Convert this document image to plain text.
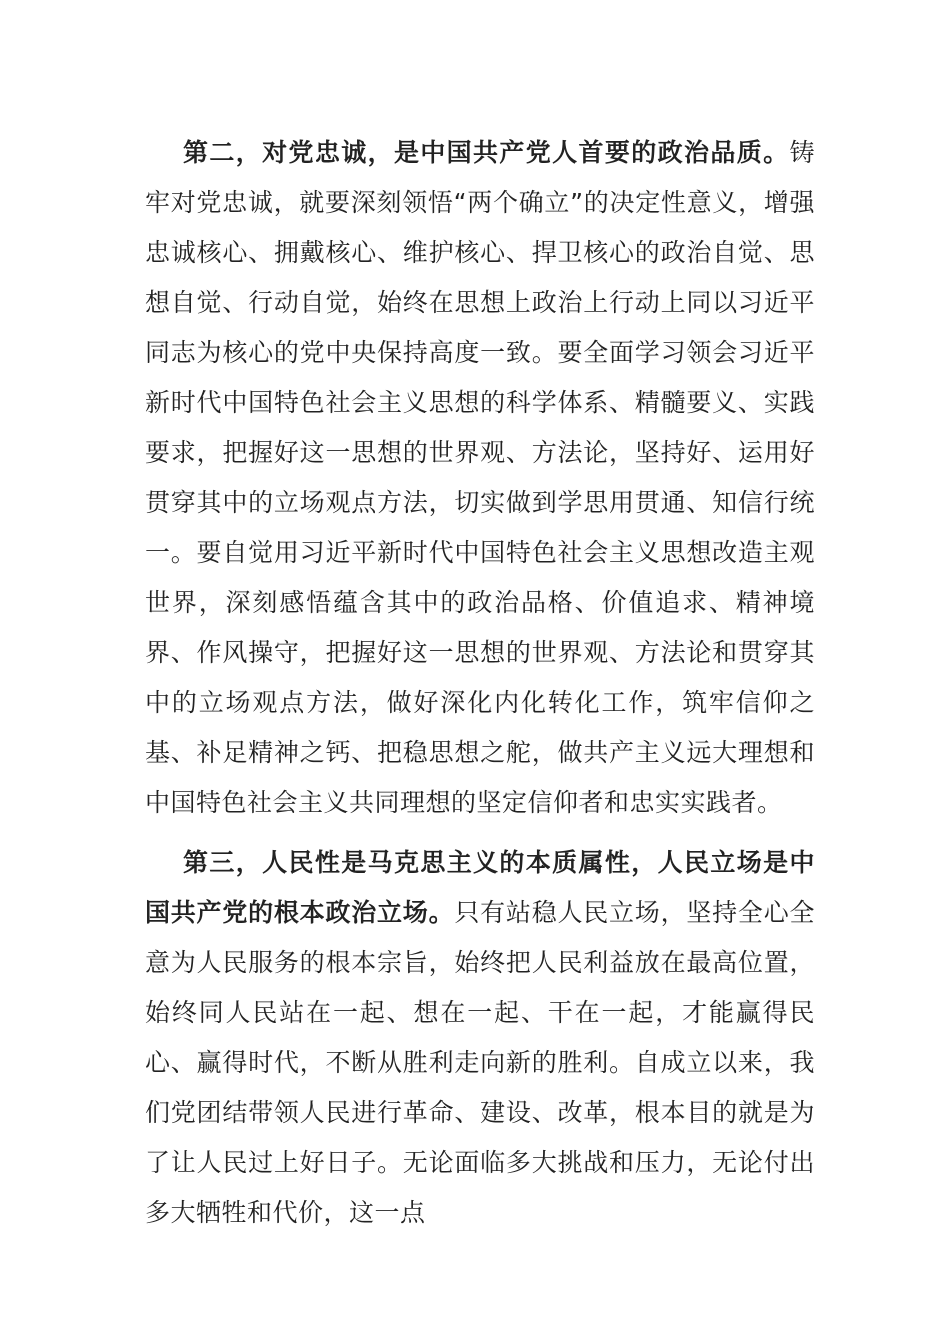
第二，对党忠诚，是中国共产党人首要的政治品质。铸牢对党忠诚，就要深刻领悟“两个确立”的决定性意义，增强忠诚核心、拥戴核心、维护核心、捍卫核心的政治自觉、思想自觉、行动自觉，始终在思想上政治上行动上同以习近平同志为核心的党中央保持高度一致。要全面学习领会习近平新时代中国特色社会主义思想的科学体系、精髓要义、实践要求，把握好这一思想的世界观、方法论，坚持好、运用好贯穿其中的立场观点方法，切实做到学思用贯通、知信行统一。要自觉用习近平新时代中国特色社会主义思想改造主观世界，深刻感悟蕴含其中的政治品格、价值追求、精神境界、作风操守，把握好这一思想的世界观、方法论和贯穿其中的立场观点方法，做好深化内化转化工作，筑牢信仰之基、补足精神之钙、把稳思想之舵，做共产主义远大理想和中国特色社会主义共同理想的坚定信仰者和忠实实践者。

第三，人民性是马克思主义的本质属性，人民立场是中国共产党的根本政治立场。只有站稳人民立场，坚持全心全意为人民服务的根本宗旨，始终把人民利益放在最高位置，始终同人民站在一起、想在一起、干在一起，才能赢得民心、赢得时代，不断从胜利走向新的胜利。自成立以来，我们党团结带领人民进行革命、建设、改革，根本目的就是为了让人民过上好日子。无论面临多大挑战和压力，无论付出多大牺牲和代价，这一点
